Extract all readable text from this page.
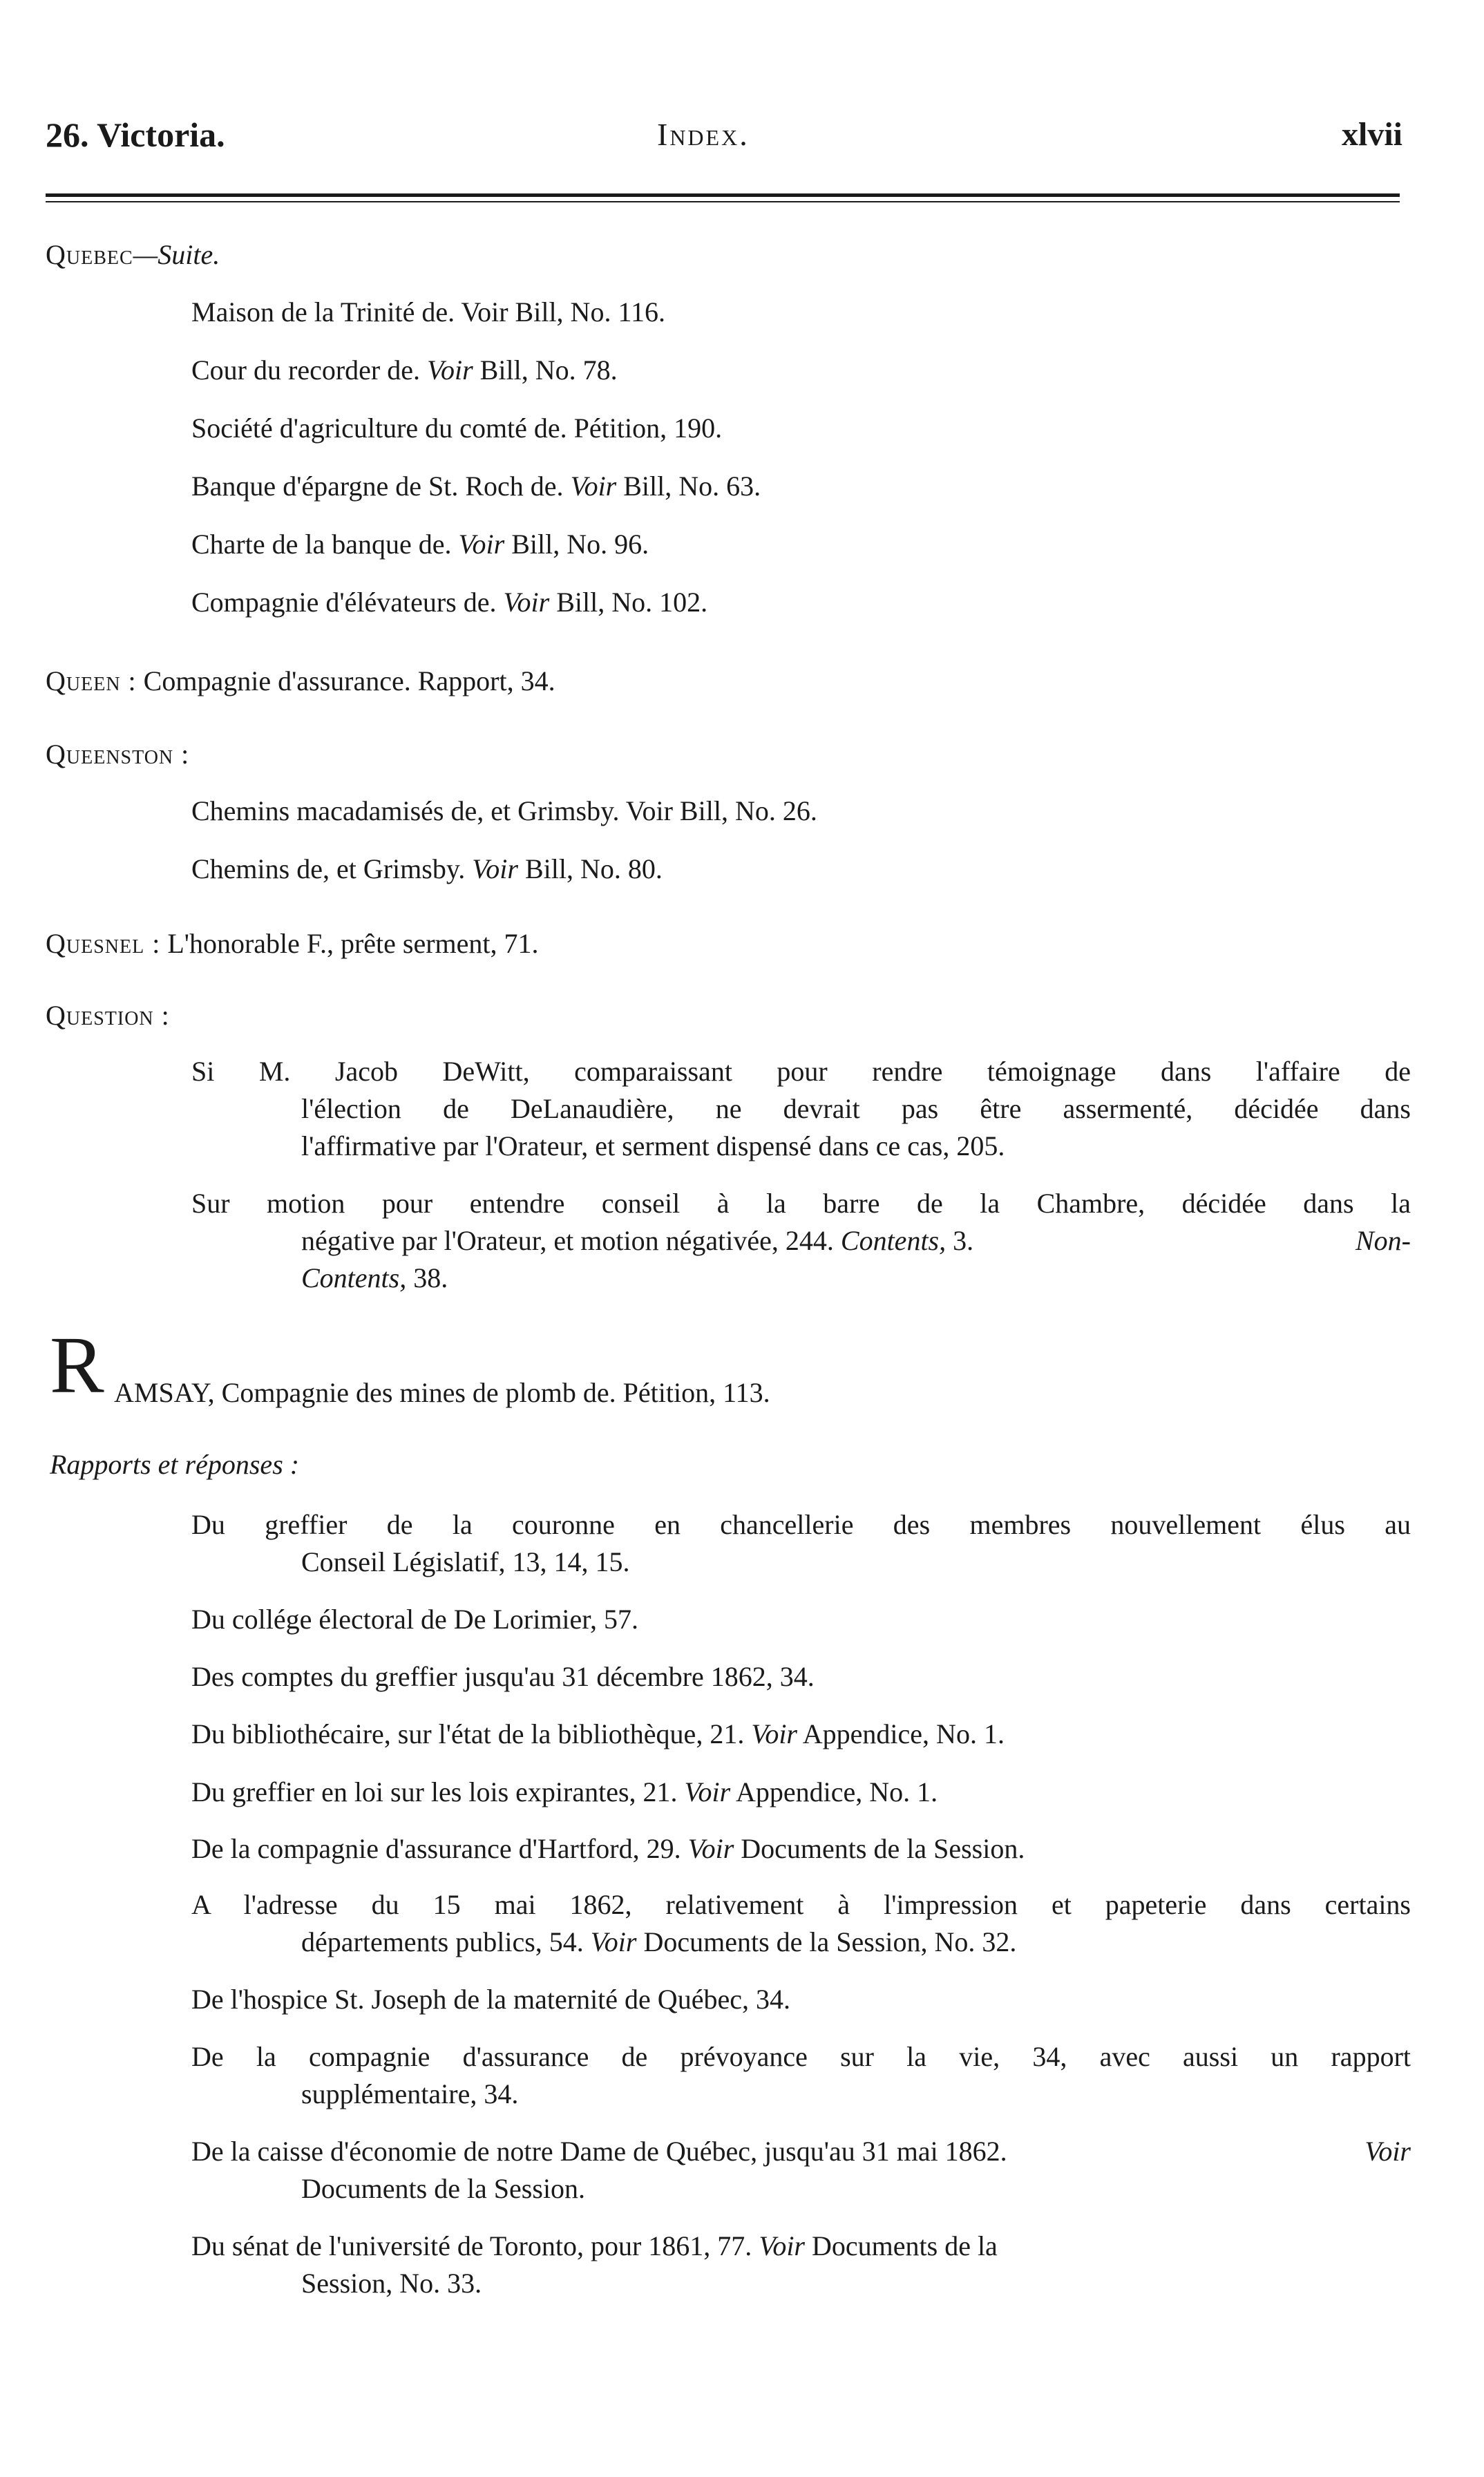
26. Victoria.	Index.	xlvii
Quebec—Suite.
Maison de la Trinité de. Voir Bill, No. 116.
Cour du recorder de. Voir Bill, No. 78.
Société d'agriculture du comté de. Pétition, 190.
Banque d'épargne de St. Roch de. Voir Bill, No. 63.
Charte de la banque de. Voir Bill, No. 96.
Compagnie d'élévateurs de. Voir Bill, No. 102.
Queen : Compagnie d'assurance. Rapport, 34.
Queenston :
Chemins macadamisés de, et Grimsby. Voir Bill, No. 26.
Chemins de, et Grimsby. Voir Bill, No. 80.
Quesnel : L'honorable F., prête serment, 71.
Question :
Si M. Jacob DeWitt, comparaissant pour rendre témoignage dans l'affaire de
l'élection de DeLanaudière, ne devrait pas être assermenté, décidée dans
l'affirmative par l'Orateur, et serment dispensé dans ce cas, 205.
Sur motion pour entendre conseil à la barre de la Chambre, décidée dans la
négative par l'Orateur, et motion négativée, 244. Contents, 3.	Non-
Contents, 38.
R AMSAY, Compagnie des mines de plomb de. Pétition, 113.
Rapports et réponses :
Du greffier de la couronne en chancellerie des membres nouvellement élus au
Conseil Législatif, 13, 14, 15.
Du collége électoral de De Lorimier, 57.
Des comptes du greffier jusqu'au 31 décembre 1862, 34.
Du bibliothécaire, sur l'état de la bibliothèque, 21. Voir Appendice, No. 1.
Du greffier en loi sur les lois expirantes, 21. Voir Appendice, No. 1.
De la compagnie d'assurance d'Hartford, 29. Voir Documents de la Session.
A l'adresse du 15 mai 1862, relativement à l'impression et papeterie dans certains
départements publics, 54. Voir Documents de la Session, No. 32.
De l'hospice St. Joseph de la maternité de Québec, 34.
De la compagnie d'assurance de prévoyance sur la vie, 34, avec aussi un rapport
supplémentaire, 34.
De la caisse d'économie de notre Dame de Québec, jusqu'au 31 mai 1862.	Voir
Documents de la Session.
Du sénat de l'université de Toronto, pour 1861, 77. Voir Documents de la
Session, No. 33.
